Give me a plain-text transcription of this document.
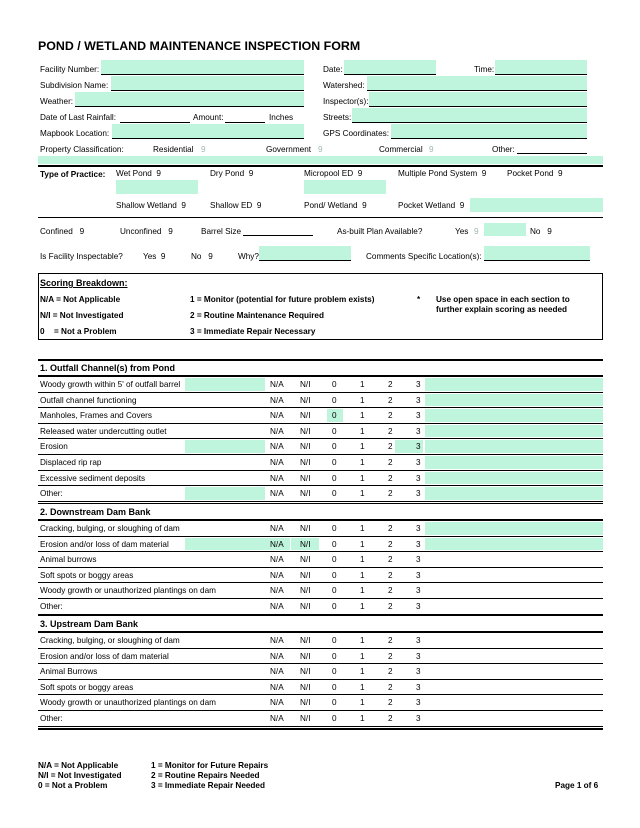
POND / WETLAND MAINTENANCE INSPECTION FORM
Facility Number:	Date:	Time:
Subdivision Name:	Watershed:
Weather:	Inspector(s):
Date of Last Rainfall:	Amount:	Inches	Streets:
Mapbook Location:	GPS Coordinates:
Property Classification:	Residential 9	Government 9	Commercial 9	Other:
Type of Practice: Wet Pond 9	Dry Pond 9	Micropool ED 9	Multiple Pond System 9	Pocket Pond 9
Shallow Wetland 9	Shallow ED 9	Pond/ Wetland 9	Pocket Wetland 9
Confined 9	Unconfined 9	Barrel Size	As-built Plan Available?	Yes 9	No 9
Is Facility Inspectable? Yes 9	No 9	Why?	Comments Specific Location(s):
Scoring Breakdown:
N/A = Not Applicable
N/I = Not Investigated
0 = Not a Problem
1 = Monitor (potential for future problem exists)
2 = Routine Maintenance Required
3 = Immediate Repair Necessary
* Use open space in each section to
further explain scoring as needed
1. Outfall Channel(s) from Pond
Woody growth within 5' of outfall barrel	N/A N/I	0	1	2	3
Outfall channel functioning	N/A N/I	0	1	2	3
Manholes, Frames and Covers	N/A N/I	0	1	2	3
Released water undercutting outlet	N/A N/I	0	1	2	3
Erosion	N/A N/I	0	1	2	3
Displaced rip rap	N/A N/I	0	1	2	3
Excessive sediment deposits	N/A N/I	0	1	2	3
Other:	N/A N/I	0	1	2	3
2. Downstream Dam Bank
Cracking, bulging, or sloughing of dam	N/A N/I	0	1	2	3
Erosion and/or loss of dam material	N/A N/I	0	1	2	3
Animal burrows	N/A N/I	0	1	2	3
Soft spots or boggy areas	N/A N/I	0	1	2	3
Woody growth or unauthorized plantings on dam	N/A N/I	0	1	2	3
Other:	N/A N/I	0	1	2	3
3. Upstream Dam Bank
Cracking, bulging, or sloughing of dam	N/A N/I	0	1	2	3
Erosion and/or loss of dam material	N/A N/I	0	1	2	3
Animal Burrows	N/A N/I	0	1	2	3
Soft spots or boggy areas	N/A N/I	0	1	2	3
Woody growth or unauthorized plantings on dam	N/A N/I	0	1	2	3
Other:	N/A N/I	0	1	2	3
N/A = Not Applicable
N/I = Not Investigated
0 = Not a Problem
1 = Monitor for Future Repairs
2 = Routine Repairs Needed
3 = Immediate Repair Needed	Page 1 of 6
